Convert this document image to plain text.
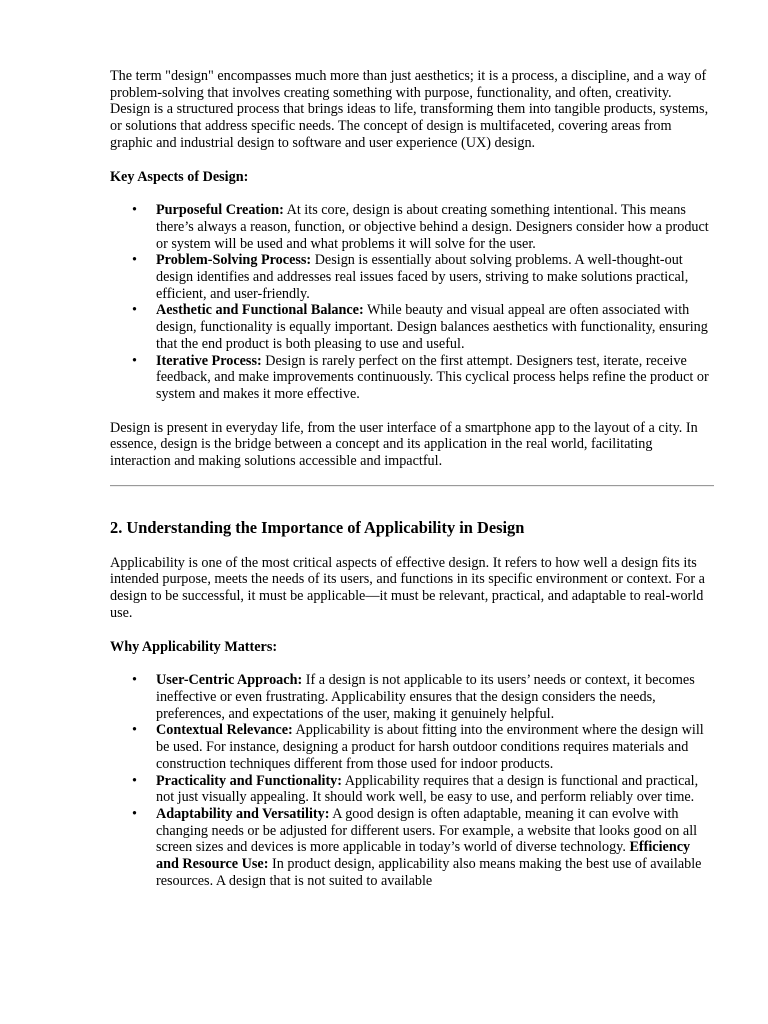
The term "design" encompasses much more than just aesthetics; it is a process, a discipline, and a way of problem-solving that involves creating something with purpose, functionality, and often, creativity. Design is a structured process that brings ideas to life, transforming them into tangible products, systems, or solutions that address specific needs. The concept of design is multifaceted, covering areas from graphic and industrial design to software and user experience (UX) design.

Key Aspects of Design:

• Purposeful Creation: At its core, design is about creating something intentional. This means there’s always a reason, function, or objective behind a design. Designers consider how a product or system will be used and what problems it will solve for the user.
• Problem-Solving Process: Design is essentially about solving problems. A well-thought-out design identifies and addresses real issues faced by users, striving to make solutions practical, efficient, and user-friendly.
• Aesthetic and Functional Balance: While beauty and visual appeal are often associated with design, functionality is equally important. Design balances aesthetics with functionality, ensuring that the end product is both pleasing to use and useful.
• Iterative Process: Design is rarely perfect on the first attempt. Designers test, iterate, receive feedback, and make improvements continuously. This cyclical process helps refine the product or system and makes it more effective.

Design is present in everyday life, from the user interface of a smartphone app to the layout of a city. In essence, design is the bridge between a concept and its application in the real world, facilitating interaction and making solutions accessible and impactful.

2. Understanding the Importance of Applicability in Design

Applicability is one of the most critical aspects of effective design. It refers to how well a design fits its intended purpose, meets the needs of its users, and functions in its specific environment or context. For a design to be successful, it must be applicable—it must be relevant, practical, and adaptable to real-world use.

Why Applicability Matters:

• User-Centric Approach: If a design is not applicable to its users’ needs or context, it becomes ineffective or even frustrating. Applicability ensures that the design considers the needs, preferences, and expectations of the user, making it genuinely helpful.
• Contextual Relevance: Applicability is about fitting into the environment where the design will be used. For instance, designing a product for harsh outdoor conditions requires materials and construction techniques different from those used for indoor products.
• Practicality and Functionality: Applicability requires that a design is functional and practical, not just visually appealing. It should work well, be easy to use, and perform reliably over time.
• Adaptability and Versatility: A good design is often adaptable, meaning it can evolve with changing needs or be adjusted for different users. For example, a website that looks good on all screen sizes and devices is more applicable in today’s world of diverse technology. Efficiency and Resource Use: In product design, applicability also means making the best use of available resources. A design that is not suited to available
